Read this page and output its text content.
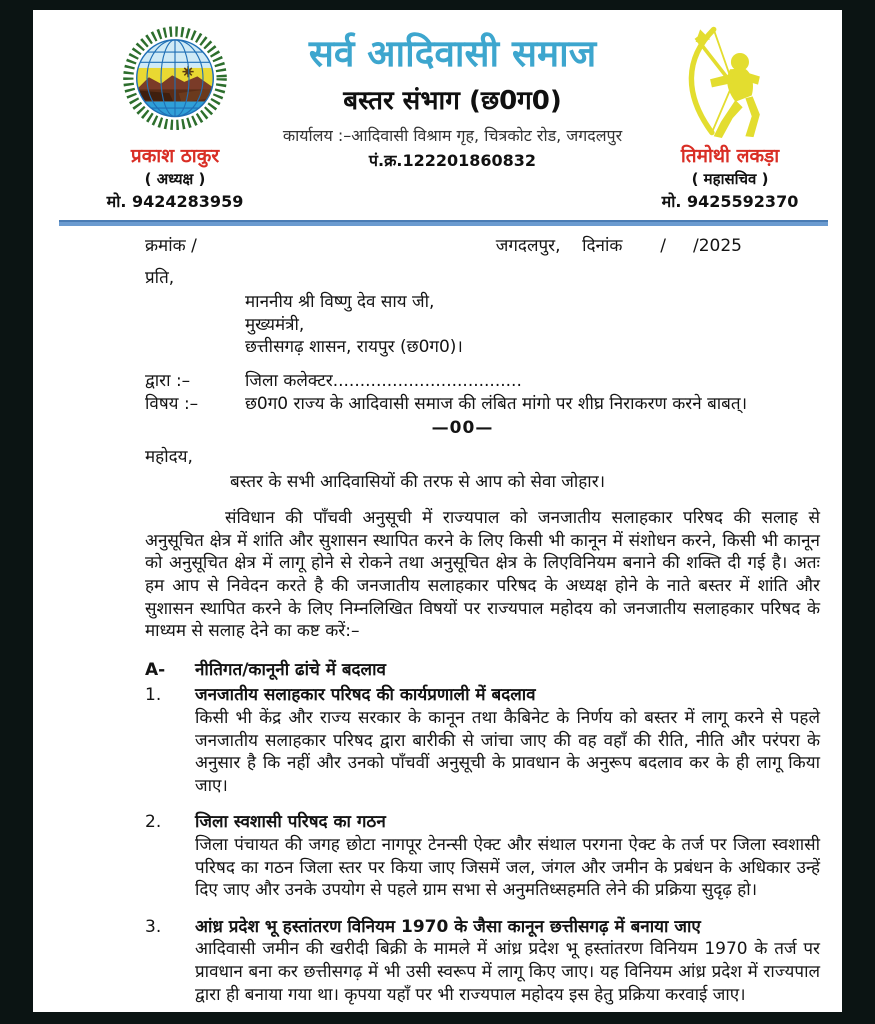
प्रकाश ठाकुर
( अध्यक्ष )
मो. 9424283959
सर्व आदिवासी समाज
बस्तर संभाग (छ0ग0)
कार्यालय :–आदिवासी विश्राम गृह, चित्रकोट रोड, जगदलपुर
पं.क्र.122201860832	तिमोथी लकड़ा
( महासचिव )
मो. 9425592370
क्रमांक /	जगदलपुर,    दिनांक       /     /2025
प्रति,
माननीय श्री विष्णु देव साय जी,
मुख्यमंत्री,
छत्तीसगढ़ शासन, रायपुर (छ0ग0)।
द्वारा :–	जिला कलेक्टर...................................
विषय :–	छ0ग0 राज्य के आदिवासी समाज की लंबित मांगो पर शीघ्र निराकरण करने बाबत्।
—00—
महोदय,
बस्तर के सभी आदिवासियों की तरफ से आप को सेवा जोहार।

संविधान की पाँचवी अनुसूची में राज्यपाल को जनजातीय सलाहकार परिषद की सलाह से अनुसूचित क्षेत्र में शांति और सुशासन स्थापित करने के लिए किसी भी कानून में संशोधन करने, किसी भी कानून को अनुसूचित क्षेत्र में लागू होने से रोकने तथा अनुसूचित क्षेत्र के लिएविनियम बनाने की शक्ति दी गई है। अतः हम आप से निवेदन करते है की जनजातीय सलाहकार परिषद के अध्यक्ष होने के नाते बस्तर में शांति और सुशासन स्थापित करने के लिए निम्नलिखित विषयों पर राज्यपाल महोदय को जनजातीय सलाहकार परिषद के माध्यम से सलाह देने का कष्ट करें:–

A-	नीतिगत/कानूनी ढांचे में बदलाव
1.	जनजातीय सलाहकार परिषद की कार्यप्रणाली में बदलाव

किसी भी केंद्र और राज्य सरकार के कानून तथा कैबिनेट के निर्णय को बस्तर में लागू करने से पहले जनजातीय सलाहकार परिषद द्वारा बारीकी से जांचा जाए की वह वहाँ की रीति, नीति और परंपरा के अनुसार है कि नहीं और उनको पाँचवीं अनुसूची के प्रावधान के अनुरूप बदलाव कर के ही लागू किया जाए।

2.	जिला स्वशासी परिषद का गठन

जिला पंचायत की जगह छोटा नागपूर टेनन्सी ऐक्ट और संथाल परगना ऐक्ट के तर्ज पर जिला स्वशासी परिषद का गठन जिला स्तर पर किया जाए जिसमें जल, जंगल और जमीन के प्रबंधन के अधिकार उन्हें दिए जाए और उनके उपयोग से पहले ग्राम सभा से अनुमतिध्सहमति लेने की प्रक्रिया सुदृढ़ हो।

3.	आंध्र प्रदेश भू हस्तांतरण विनियम 1970 के जैसा कानून छत्तीसगढ़ में बनाया जाए

आदिवासी जमीन की खरीदी बिक्री के मामले में आंध्र प्रदेश भू हस्तांतरण विनियम 1970 के तर्ज पर प्रावधान बना कर छत्तीसगढ़ में भी उसी स्वरूप में लागू किए जाए। यह विनियम आंध्र प्रदेश में राज्यपाल द्वारा ही बनाया गया था। कृपया यहाँ पर भी राज्यपाल महोदय इस हेतु प्रक्रिया करवाई जाए।
